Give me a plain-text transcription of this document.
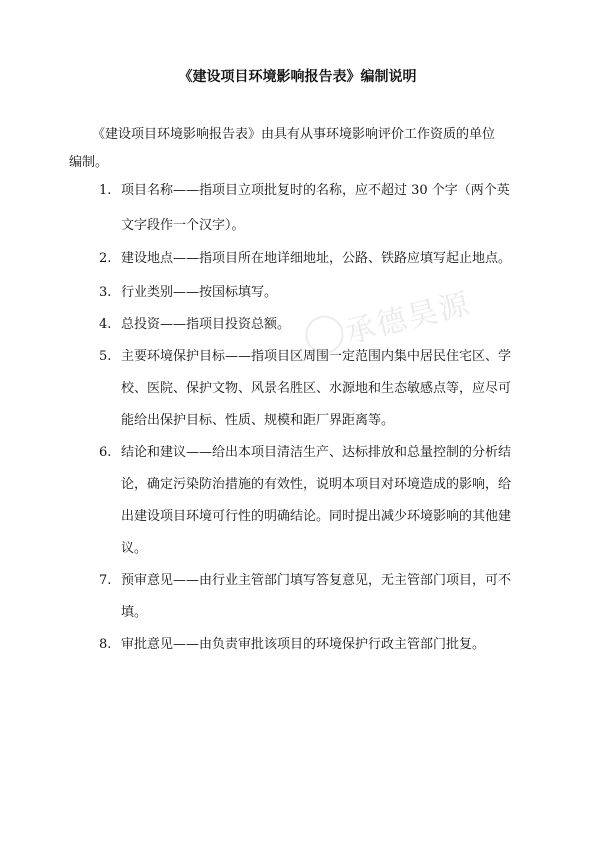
《建设项目环境影响报告表》编制说明
《建设项目环境影响报告表》由具有从事环境影响评价工作资质的单位
编制。
1. 项目名称——指项目立项批复时的名称，应不超过 30 个字（两个英
文字段作一个汉字）。
2. 建设地点——指项目所在地详细地址，公路、铁路应填写起止地点。
3. 行业类别——按国标填写。
4. 总投资——指项目投资总额。
5. 主要环境保护目标——指项目区周围一定范围内集中居民住宅区、学
校、医院、保护文物、风景名胜区、水源地和生态敏感点等，应尽可
能给出保护目标、性质、规模和距厂界距离等。
6. 结论和建议——给出本项目清洁生产、达标排放和总量控制的分析结
论，确定污染防治措施的有效性，说明本项目对环境造成的影响，给
出建设项目环境可行性的明确结论。同时提出减少环境影响的其他建
议。
7. 预审意见——由行业主管部门填写答复意见，无主管部门项目，可不
填。
8. 审批意见——由负责审批该项目的环境保护行政主管部门批复。
承德昊源
